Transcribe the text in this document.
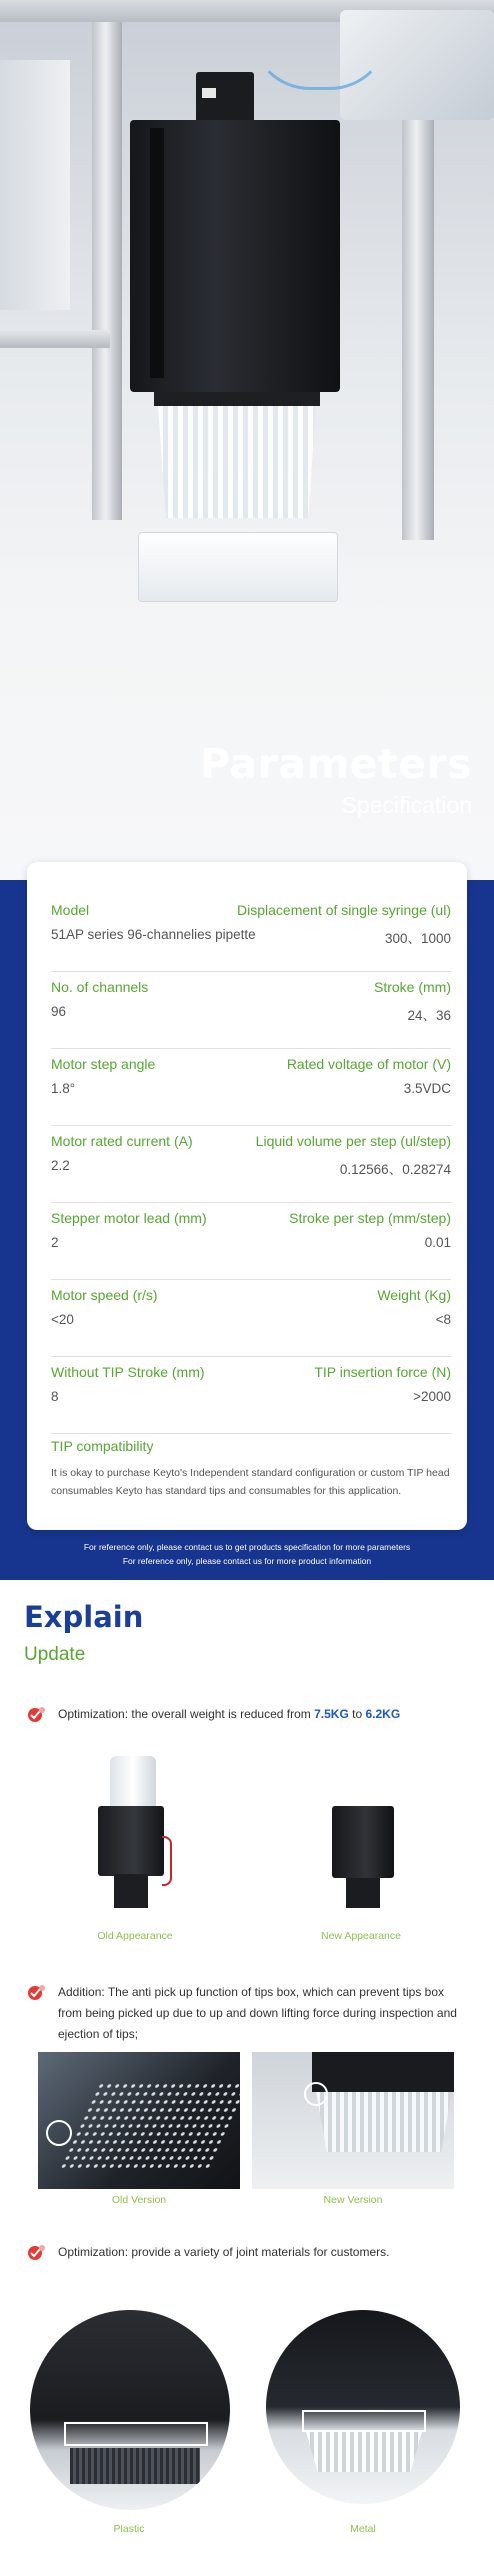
Parameters
Specification
Model	Displacement of single syringe (ul)
51AP series 96-channelies pipette	300、1000
No. of channels	Stroke (mm)
96	24、36
Motor step angle	Rated voltage of motor (V)
1.8°	3.5VDC
Motor rated current (A)	Liquid volume per step (ul/step)
2.2	0.12566、0.28274
Stepper motor lead (mm)	Stroke per step (mm/step)
2	0.01
Motor speed (r/s)	Weight (Kg)
<20	<8
Without TIP Stroke (mm)	TIP insertion force (N)
8	>2000
TIP compatibility
It is okay to purchase Keyto's Independent standard configuration or custom TIP head consumables Keyto has standard tips and consumables for this application.
For reference only, please contact us to get products specification for more parameters
For reference only, please contact us for more product information
Explain
Update
Optimization: the overall weight is reduced from 7.5KG to 6.2KG
Old Appearance	New Appearance
Addition: The anti pick up function of tips box, which can prevent tips box from being picked up due to up and down lifting force during inspection and ejection of tips;
Old Version	New Version
Optimization: provide a variety of joint materials for customers.
Plastic	Metal
